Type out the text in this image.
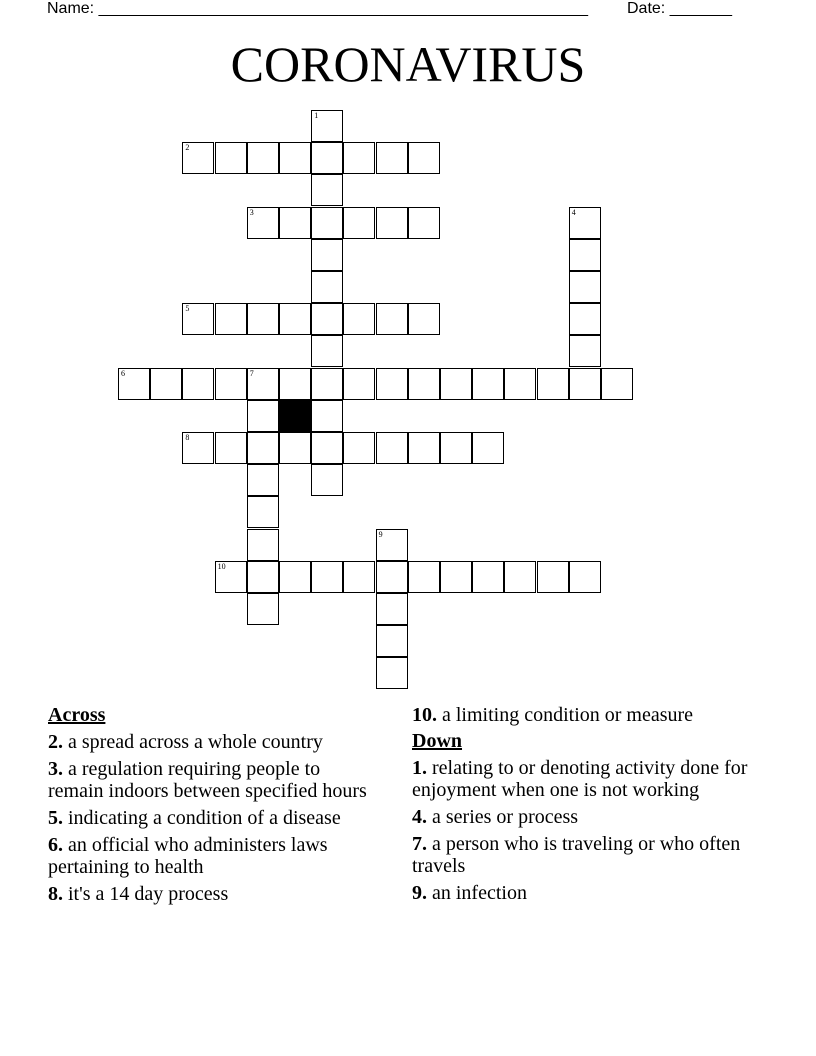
Name: _______________________________________________________ Date: _______
CORONAVIRUS
2
3
5
6	7
8
10
1
4
9
Across
2. a spread across a whole country
3. a regulation requiring people to remain indoors between specified hours
5. indicating a condition of a disease
6. an official who administers laws pertaining to health
8. it's a 14 day process
10. a limiting condition or measure
Down
1. relating to or denoting activity done for enjoyment when one is not working
4. a series or process
7. a person who is traveling or who often travels
9. an infection
